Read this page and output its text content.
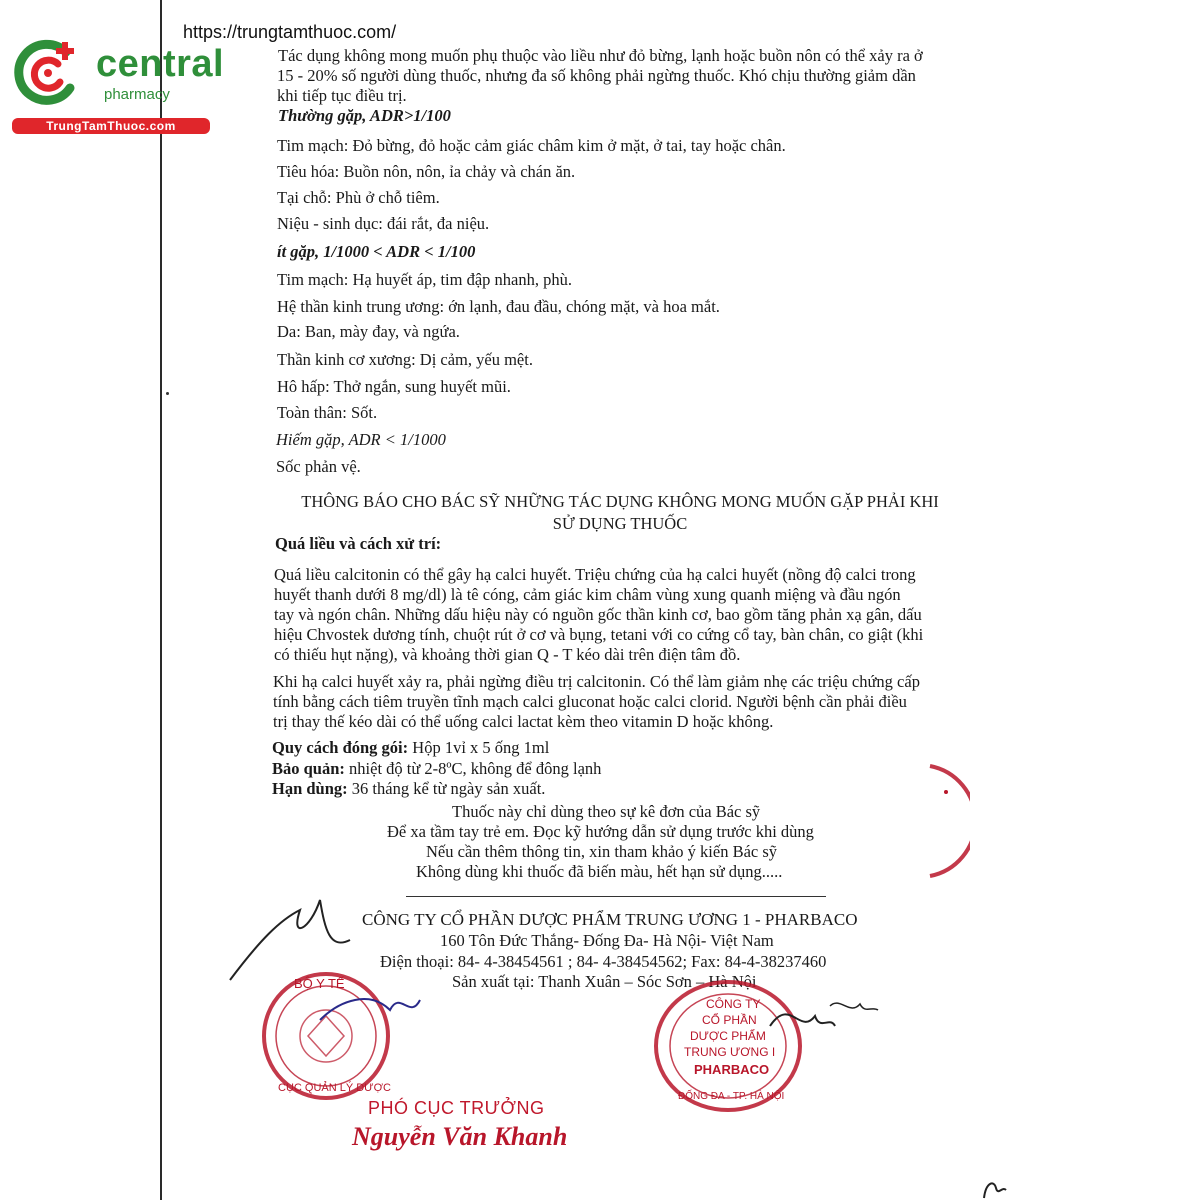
https://trungtamthuoc.com/
central
pharmacy
TrungTamThuoc.com
Tác dụng không mong muốn phụ thuộc vào liều như đỏ bừng, lạnh hoặc buồn nôn có thể xảy ra ở
15 - 20% số người dùng thuốc, nhưng đa số không phải ngừng thuốc. Khó chịu thường giảm dần
khi tiếp tục điều trị.
Thường gặp, ADR>1/100
Tim mạch: Đỏ bừng, đỏ hoặc cảm giác châm kim ở mặt, ở tai, tay hoặc chân.
Tiêu hóa: Buồn nôn, nôn, ỉa chảy và chán ăn.
Tại chỗ: Phù ở chỗ tiêm.
Niệu - sinh dục: đái rắt, đa niệu.
ít gặp, 1/1000 < ADR < 1/100
Tim mạch: Hạ huyết áp, tim đập nhanh, phù.
Hệ thần kinh trung ương: ớn lạnh, đau đầu, chóng mặt, và hoa mắt.
Da: Ban, mày đay, và ngứa.
Thần kinh cơ xương: Dị cảm, yếu mệt.
Hô hấp: Thở ngắn, sung huyết mũi.
Toàn thân: Sốt.
Hiếm gặp, ADR < 1/1000
Sốc phản vệ.
THÔNG BÁO CHO BÁC SỸ NHỮNG TÁC DỤNG KHÔNG MONG MUỐN GẶP PHẢI KHI
SỬ DỤNG THUỐC
Quá liều và cách xử trí:
Quá liều calcitonin có thể gây hạ calci huyết. Triệu chứng của hạ calci huyết (nồng độ calci trong
huyết thanh dưới 8 mg/dl) là tê cóng, cảm giác kim châm vùng xung quanh miệng và đầu ngón
tay và ngón chân. Những dấu hiệu này có nguồn gốc thần kinh cơ, bao gồm tăng phản xạ gân, dấu
hiệu Chvostek dương tính, chuột rút ở cơ và bụng, tetani với co cứng cổ tay, bàn chân, co giật (khi
có thiếu hụt nặng), và khoảng thời gian Q - T kéo dài trên điện tâm đồ.
Khi hạ calci huyết xảy ra, phải ngừng điều trị calcitonin. Có thể làm giảm nhẹ các triệu chứng cấp
tính bằng cách tiêm truyền tĩnh mạch calci gluconat hoặc calci clorid. Người bệnh cần phải điều
trị thay thế kéo dài có thể uống calci lactat kèm theo vitamin D hoặc không.
Quy cách đóng gói: Hộp 1vỉ x 5 ống 1ml
Bảo quản: nhiệt độ từ 2-8ºC, không để đông lạnh
Hạn dùng: 36 tháng kể từ ngày sản xuất.
Thuốc này chỉ dùng theo sự kê đơn của Bác sỹ
Để xa tầm tay trẻ em. Đọc kỹ hướng dẫn sử dụng trước khi dùng
Nếu cần thêm thông tin, xin tham khảo ý kiến Bác sỹ
Không dùng khi thuốc đã biến màu, hết hạn sử dụng.....
CÔNG TY CỔ PHẦN DƯỢC PHẨM TRUNG ƯƠNG 1 - PHARBACO
160 Tôn Đức Thắng- Đống Đa- Hà Nội- Việt Nam
Điện thoại: 84- 4-38454561 ; 84- 4-38454562; Fax: 84-4-38237460
Sản xuất tại: Thanh Xuân – Sóc Sơn – Hà Nội
BỘ Y TẾ
CỤC QUẢN LÝ DƯỢC
CÔNG TY
CỔ PHẦN
DƯỢC PHẨM
TRUNG ƯƠNG I
PHARBACO
ĐỐNG ĐA - TP. HÀ NỘI
PHÓ CỤC TRƯỞNG
Nguyễn Văn Khanh
